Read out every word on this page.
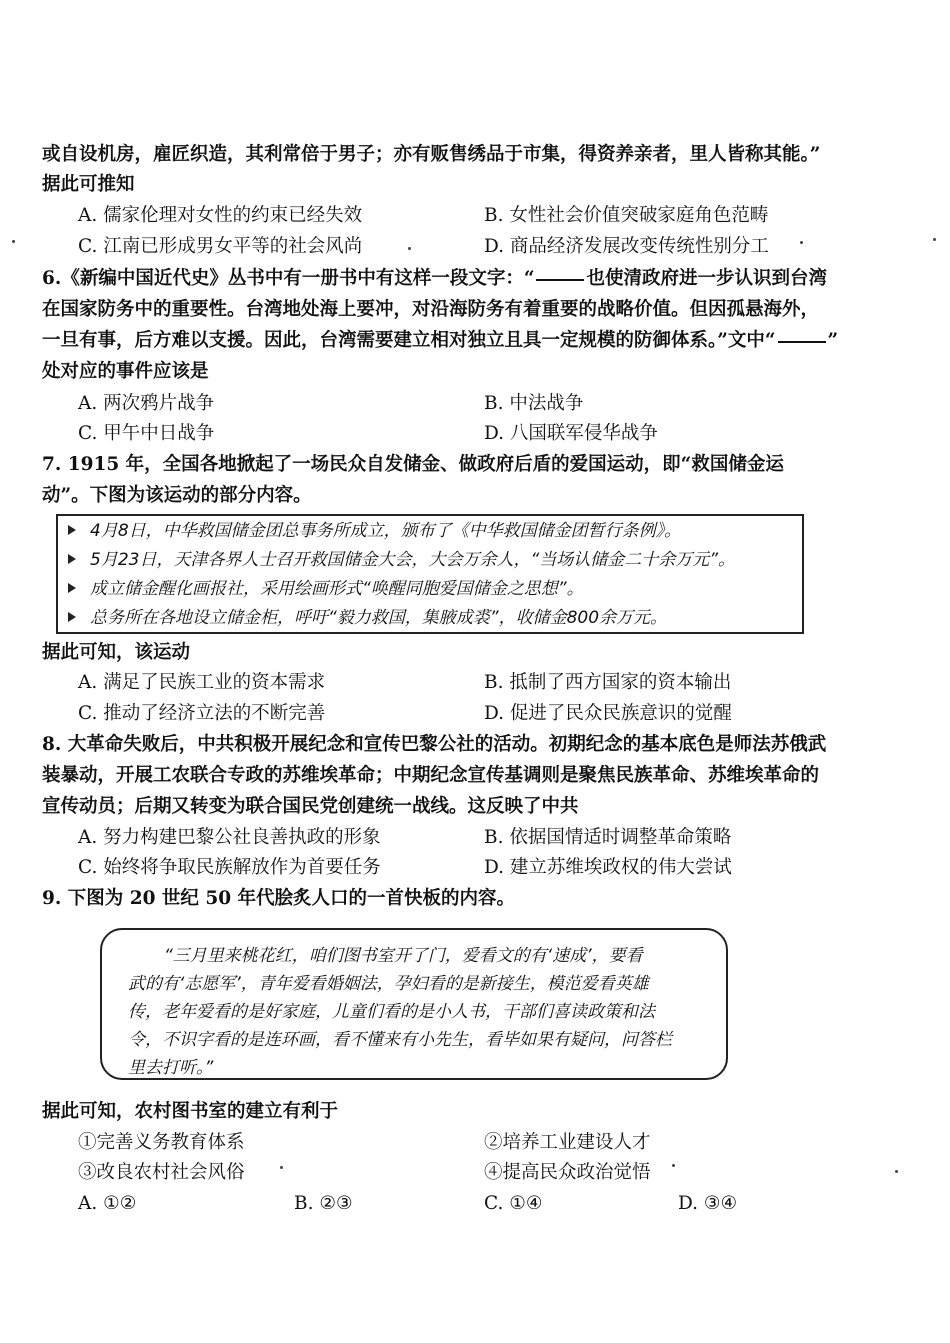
或自设机房，雇匠织造，其利常倍于男子；亦有贩售绣品于市集，得资养亲者，里人皆称其能。”
据此可推知
A. 儒家伦理对女性的约束已经失效	B. 女性社会价值突破家庭角色范畴
C. 江南已形成男女平等的社会风尚	D. 商品经济发展改变传统性别分工
6.《新编中国近代史》丛书中有一册书中有这样一段文字：“	也使清政府进一步认识到台湾
在国家防务中的重要性。台湾地处海上要冲，对沿海防务有着重要的战略价值。但因孤悬海外，
一旦有事，后方难以支援。因此，台湾需要建立相对独立且具一定规模的防御体系。”文中“	”
处对应的事件应该是
A. 两次鸦片战争	B. 中法战争
C. 甲午中日战争	D. 八国联军侵华战争
7. 1915 年，全国各地掀起了一场民众自发储金、做政府后盾的爱国运动，即“救国储金运
动”。下图为该运动的部分内容。
4月8日，中华救国储金团总事务所成立，颁布了《中华救国储金团暂行条例》。
5月23日，天津各界人士召开救国储金大会，大会万余人，“当场认储金二十余万元”。
成立储金醒化画报社，采用绘画形式“唤醒同胞爱国储金之思想”。
总务所在各地设立储金柜，呼吁“毅力救国，集腋成裘”，收储金800余万元。
据此可知，该运动
A. 满足了民族工业的资本需求	B. 抵制了西方国家的资本输出
C. 推动了经济立法的不断完善	D. 促进了民众民族意识的觉醒
8. 大革命失败后，中共积极开展纪念和宣传巴黎公社的活动。初期纪念的基本底色是师法苏俄武
装暴动，开展工农联合专政的苏维埃革命；中期纪念宣传基调则是聚焦民族革命、苏维埃革命的
宣传动员；后期又转变为联合国民党创建统一战线。这反映了中共
A. 努力构建巴黎公社良善执政的形象	B. 依据国情适时调整革命策略
C. 始终将争取民族解放作为首要任务	D. 建立苏维埃政权的伟大尝试
9. 下图为 20 世纪 50 年代脍炙人口的一首快板的内容。
“三月里来桃花红，咱们图书室开了门，爱看文的有‘速成’，要看
武的有‘志愿军’，青年爱看婚姻法，孕妇看的是新接生，模范爱看英雄
传，老年爱看的是好家庭，儿童们看的是小人书，干部们喜读政策和法
令，不识字看的是连环画，看不懂来有小先生，看毕如果有疑问，问答栏
里去打听。”
据此可知，农村图书室的建立有利于
①完善义务教育体系	②培养工业建设人才
③改良农村社会风俗	④提高民众政治觉悟
A. ①②	B. ②③	C. ①④	D. ③④
